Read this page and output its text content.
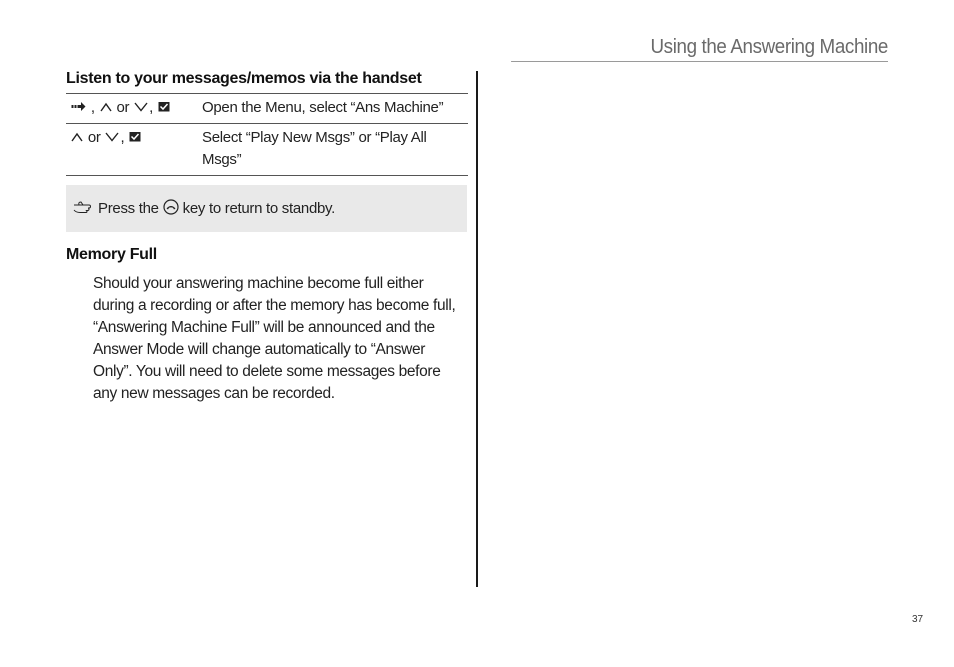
Using the Answering Machine
Listen to your messages/memos via the handset
,  or ,	Open the Menu, select “Ans Machine”
or ,	Select “Play New Msgs” or “Play All Msgs”
Press the key to return to standby.
Memory Full

Should your answering machine become full either during a recording or after the memory has become full, “Answering Machine Full” will be announced and the Answer Mode will change automatically to “Answer Only”. You will need to delete some messages before any new messages can be recorded.

37
